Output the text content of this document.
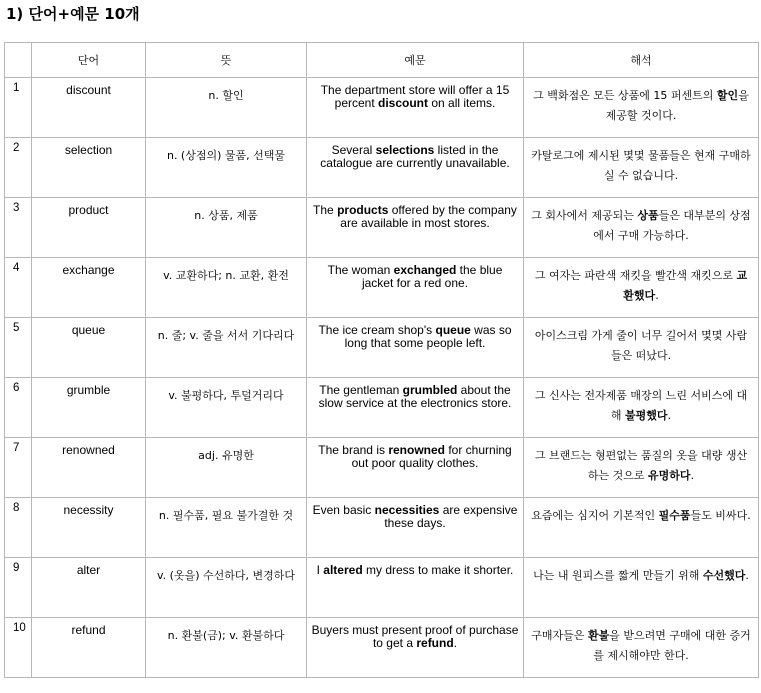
1) 단어+예문 10개
	단어	뜻	예문	해석
1	discount	n. 할인	The department store will offer a 15 percent discount on all items.	그 백화점은 모든 상품에 15 퍼센트의 할인을 제공할 것이다.
2	selection	n. (상점의) 물품, 선택물	Several selections listed in the catalogue are currently unavailable.	카탈로그에 제시된 몇몇 물품들은 현재 구매하실 수 없습니다.
3	product	n. 상품, 제품	The products offered by the company are available in most stores.	그 회사에서 제공되는 상품들은 대부분의 상점에서 구매 가능하다.
4	exchange	v. 교환하다; n. 교환, 환전	The woman exchanged the blue jacket for a red one.	그 여자는 파란색 재킷을 빨간색 재킷으로 교환했다.
5	queue	n. 줄; v. 줄을 서서 기다리다	The ice cream shop's queue was so long that some people left.	아이스크림 가게 줄이 너무 길어서 몇몇 사람들은 떠났다.
6	grumble	v. 불평하다, 투덜거리다	The gentleman grumbled about the slow service at the electronics store.	그 신사는 전자제품 매장의 느린 서비스에 대해 불평했다.
7	renowned	adj. 유명한	The brand is renowned for churning out poor quality clothes.	그 브랜드는 형편없는 품질의 옷을 대량 생산하는 것으로 유명하다.
8	necessity	n. 필수품, 필요 불가결한 것	Even basic necessities are expensive these days.	요즘에는 심지어 기본적인 필수품들도 비싸다.
9	alter	v. (옷을) 수선하다, 변경하다	I altered my dress to make it shorter.	나는 내 원피스를 짧게 만들기 위해 수선했다.
10	refund	n. 환불(금); v. 환불하다	Buyers must present proof of purchase to get a refund.	구매자들은 환불을 받으려면 구매에 대한 증거를 제시해야만 한다.
